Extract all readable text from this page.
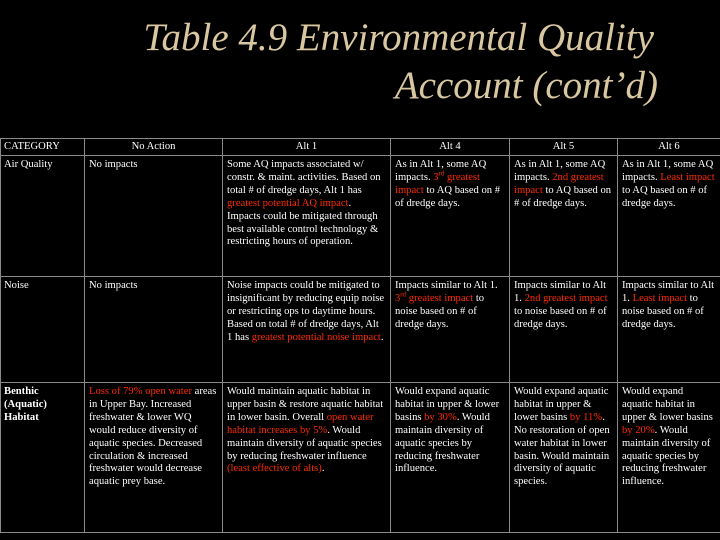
Table 4.9 Environmental Quality
Account (cont’d)
CATEGORY	No Action	Alt 1	Alt 4	Alt 5	Alt 6
Air Quality	No impacts	Some AQ impacts associated w/ constr. & maint. activities. Based on total # of dredge days, Alt 1 has greatest potential AQ impact. Impacts could be mitigated through best available control technology & restricting hours of operation.	As in Alt 1, some AQ impacts. 3rd greatest impact to AQ based on # of dredge days.	As in Alt 1, some AQ impacts. 2nd greatest impact to AQ based on # of dredge days.	As in Alt 1, some AQ impacts. Least impact to AQ based on # of dredge days.
Noise	No impacts	Noise impacts could be mitigated to insignificant by reducing equip noise or restricting ops to daytime hours. Based on total # of dredge days, Alt 1 has greatest potential noise impact.	Impacts similar to Alt 1. 3rd greatest impact to noise based on # of dredge days.	Impacts similar to Alt 1. 2nd greatest impact to noise based on # of dredge days.	Impacts similar to Alt 1. Least impact to noise based on # of dredge days.
Benthic (Aquatic) Habitat	Loss of 79% open water areas in Upper Bay. Increased freshwater & lower WQ would reduce diversity of aquatic species. Decreased circulation & increased freshwater would decrease aquatic prey base.	Would maintain aquatic habitat in upper basin & restore aquatic habitat in lower basin. Overall open water habitat increases by 5%. Would maintain diversity of aquatic species by reducing freshwater influence (least effective of alts).	Would expand aquatic habitat in upper & lower basins by 30%. Would maintain diversity of aquatic species by reducing freshwater influence.	Would expand aquatic habitat in upper & lower basins by 11%. No restoration of open water habitat in lower basin. Would maintain diversity of aquatic species.	Would expand aquatic habitat in upper & lower basins by 20%. Would maintain diversity of aquatic species by reducing freshwater influence.
